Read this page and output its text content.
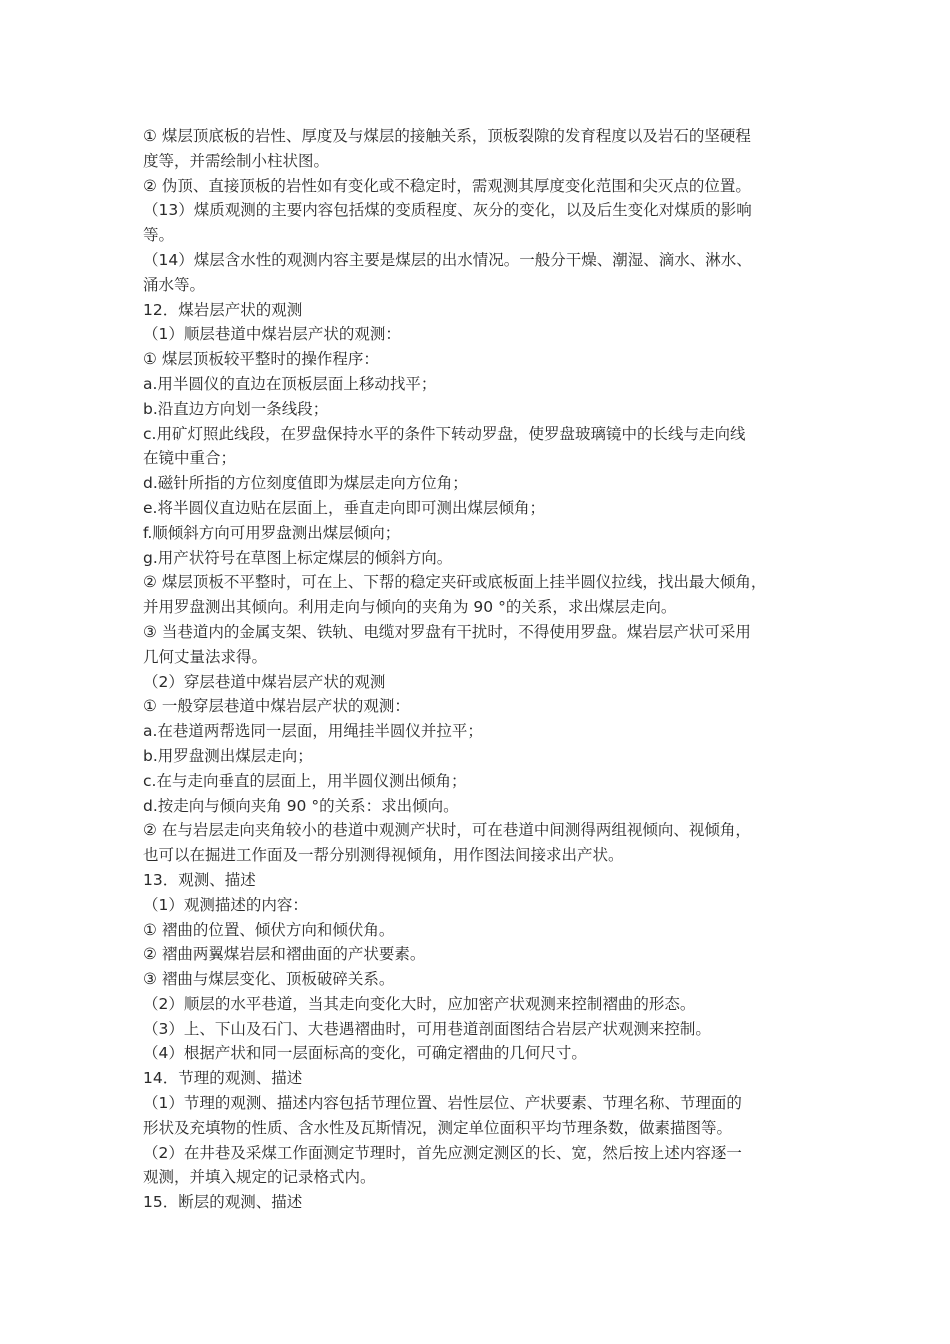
① 煤层顶底板的岩性、厚度及与煤层的接触关系，顶板裂隙的发育程度以及岩石的坚硬程

度等，并需绘制小柱状图。

② 伪顶、直接顶板的岩性如有变化或不稳定时，需观测其厚度变化范围和尖灭点的位置。

（13）煤质观测的主要内容包括煤的变质程度、灰分的变化，以及后生变化对煤质的影响

等。

（14）煤层含水性的观测内容主要是煤层的出水情况。一般分干燥、潮湿、滴水、淋水、

涌水等。

12．煤岩层产状的观测

（1）顺层巷道中煤岩层产状的观测：

① 煤层顶板较平整时的操作程序：

a.用半圆仪的直边在顶板层面上移动找平；

b.沿直边方向划一条线段；

c.用矿灯照此线段，在罗盘保持水平的条件下转动罗盘，使罗盘玻璃镜中的长线与走向线

在镜中重合；

d.磁针所指的方位刻度值即为煤层走向方位角；

e.将半圆仪直边贴在层面上，垂直走向即可测出煤层倾角；

f.顺倾斜方向可用罗盘测出煤层倾向；

g.用产状符号在草图上标定煤层的倾斜方向。

② 煤层顶板不平整时，可在上、下帮的稳定夹矸或底板面上挂半圆仪拉线，找出最大倾角，

并用罗盘测出其倾向。利用走向与倾向的夹角为 90 °的关系，求出煤层走向。

③ 当巷道内的金属支架、铁轨、电缆对罗盘有干扰时，不得使用罗盘。煤岩层产状可采用

几何丈量法求得。

（2）穿层巷道中煤岩层产状的观测

① 一般穿层巷道中煤岩层产状的观测：

a.在巷道两帮选同一层面，用绳挂半圆仪并拉平；

b.用罗盘测出煤层走向；

c.在与走向垂直的层面上，用半圆仪测出倾角；

d.按走向与倾向夹角 90 °的关系：求出倾向。

② 在与岩层走向夹角较小的巷道中观测产状时，可在巷道中间测得两组视倾向、视倾角，

也可以在掘进工作面及一帮分别测得视倾角，用作图法间接求出产状。

13．观测、描述

（1）观测描述的内容：

① 褶曲的位置、倾伏方向和倾伏角。

② 褶曲两翼煤岩层和褶曲面的产状要素。

③ 褶曲与煤层变化、顶板破碎关系。

（2）顺层的水平巷道，当其走向变化大时，应加密产状观测来控制褶曲的形态。

（3）上、下山及石门、大巷遇褶曲时，可用巷道剖面图结合岩层产状观测来控制。

（4）根据产状和同一层面标高的变化，可确定褶曲的几何尺寸。

14．节理的观测、描述

（1）节理的观测、描述内容包括节理位置、岩性层位、产状要素、节理名称、节理面的

形状及充填物的性质、含水性及瓦斯情况，测定单位面积平均节理条数，做素描图等。

（2）在井巷及采煤工作面测定节理时，首先应测定测区的长、宽，然后按上述内容逐一

观测，并填入规定的记录格式内。

15．断层的观测、描述
